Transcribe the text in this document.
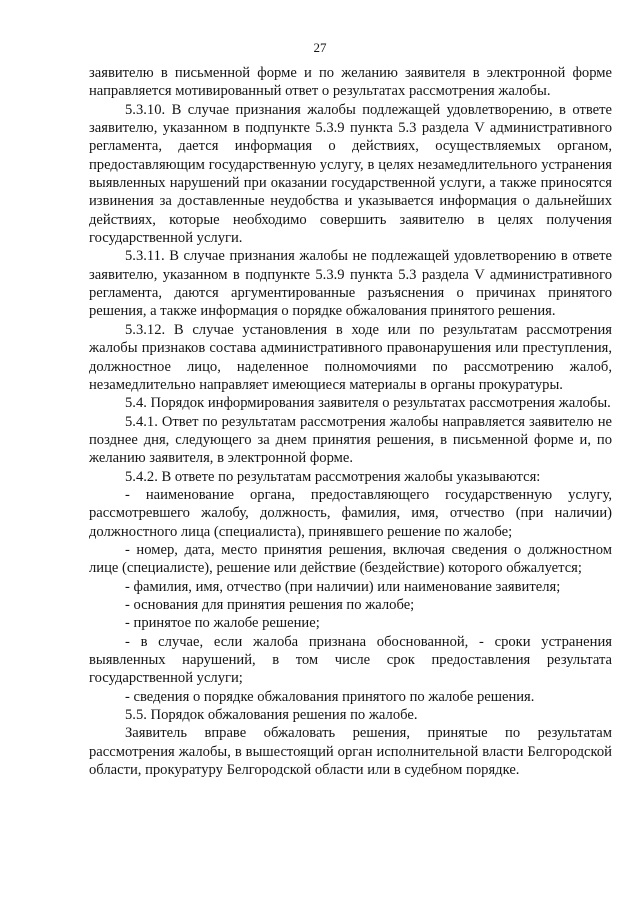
27

заявителю в письменной форме и по желанию заявителя в электронной форме направляется мотивированный ответ о результатах рассмотрения жалобы.

5.3.10. В случае признания жалобы подлежащей удовлетворению, в ответе заявителю, указанном в подпункте 5.3.9 пункта 5.3 раздела V административного регламента, дается информация о действиях, осуществляемых органом, предоставляющим государственную услугу, в целях незамедлительного устранения выявленных нарушений при оказании государственной услуги, а также приносятся извинения за доставленные неудобства и указывается информация о дальнейших действиях, которые необходимо совершить заявителю в целях получения государственной услуги.

5.3.11. В случае признания жалобы не подлежащей удовлетворению в ответе заявителю, указанном в подпункте 5.3.9 пункта 5.3 раздела V административного регламента, даются аргументированные разъяснения о причинах принятого решения, а также информация о порядке обжалования принятого решения.

5.3.12. В случае установления в ходе или по результатам рассмотрения жалобы признаков состава административного правонарушения или преступления, должностное лицо, наделенное полномочиями по рассмотрению жалоб, незамедлительно направляет имеющиеся материалы в органы прокуратуры.

5.4. Порядок информирования заявителя о результатах рассмотрения жалобы.

5.4.1. Ответ по результатам рассмотрения жалобы направляется заявителю не позднее дня, следующего за днем принятия решения, в письменной форме и, по желанию заявителя, в электронной форме.

5.4.2. В ответе по результатам рассмотрения жалобы указываются:

- наименование органа, предоставляющего государственную услугу, рассмотревшего жалобу, должность, фамилия, имя, отчество (при наличии) должностного лица (специалиста), принявшего решение по жалобе;

- номер, дата, место принятия решения, включая сведения о должностном лице (специалисте), решение или действие (бездействие) которого обжалуется;

- фамилия, имя, отчество (при наличии) или наименование заявителя;

- основания для принятия решения по жалобе;

- принятое по жалобе решение;

- в случае, если жалоба признана обоснованной, - сроки устранения выявленных нарушений, в том числе срок предоставления результата государственной услуги;

- сведения о порядке обжалования принятого по жалобе решения.

5.5. Порядок обжалования решения по жалобе.

Заявитель вправе обжаловать решения, принятые по результатам рассмотрения жалобы, в вышестоящий орган исполнительной власти Белгородской области, прокуратуру Белгородской области или в судебном порядке.
